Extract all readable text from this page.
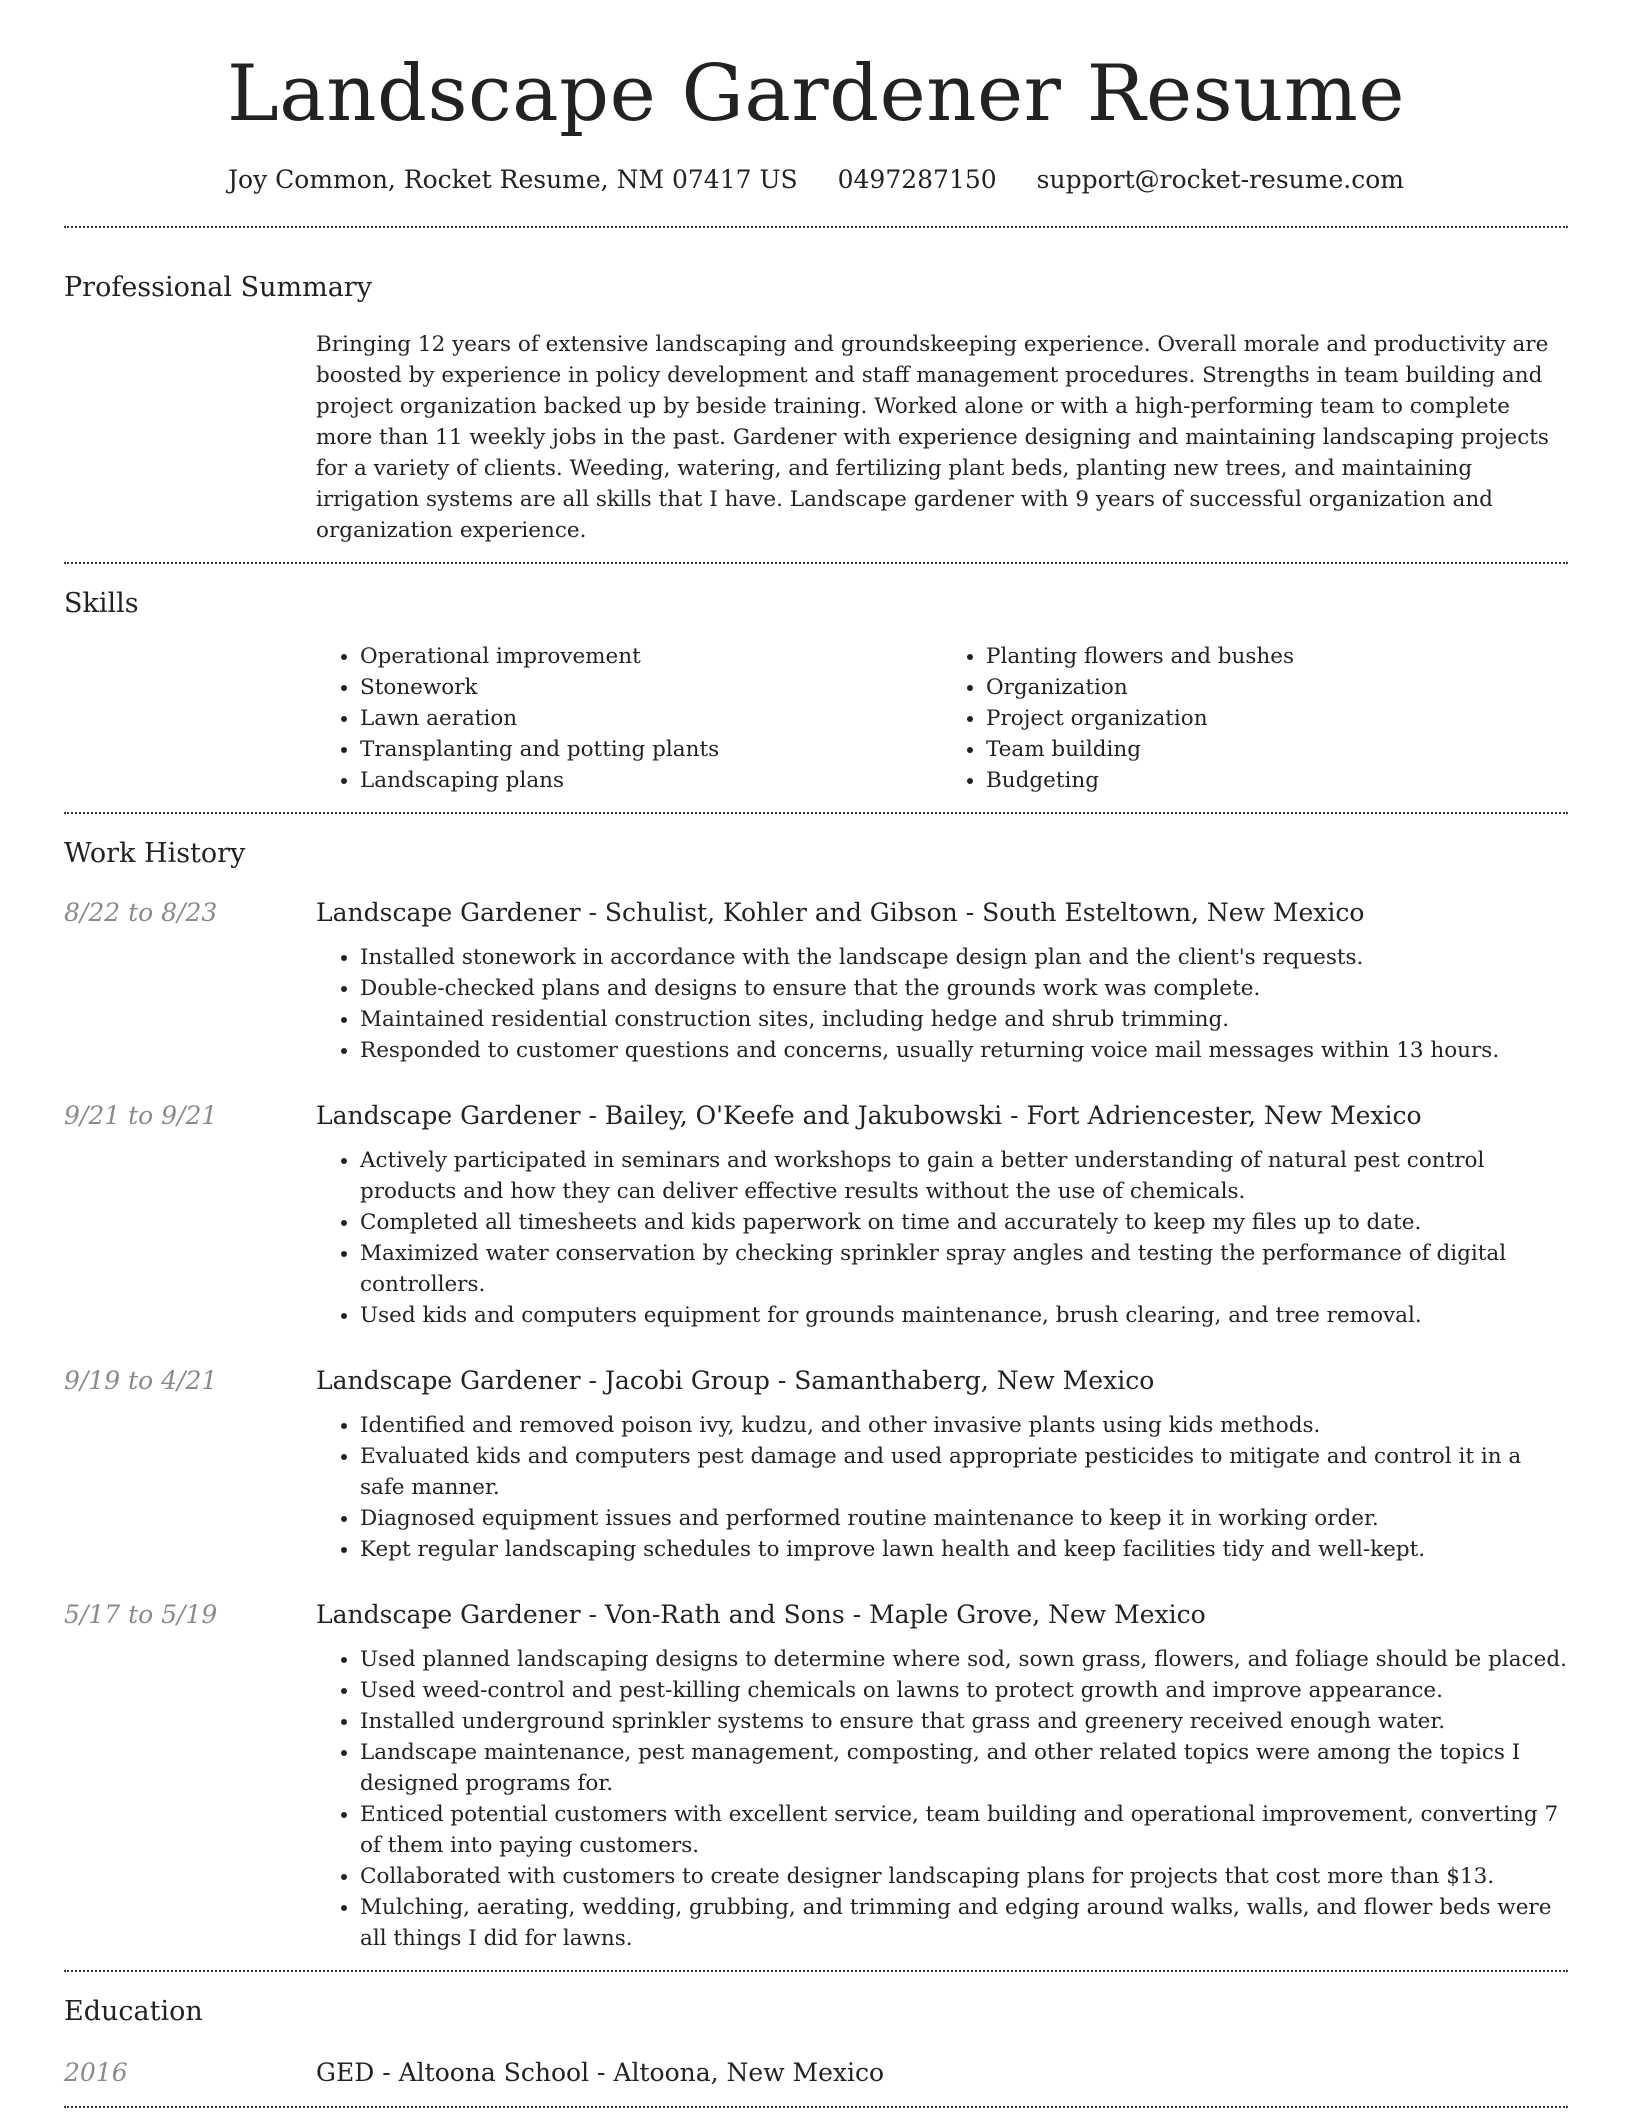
Landscape Gardener Resume
Joy Common, Rocket Resume, NM 07417 US 0497287150 support@rocket-resume.com
Professional Summary
Bringing 12 years of extensive landscaping and groundskeeping experience. Overall morale and productivity are boosted by experience in policy development and staff management procedures. Strengths in team building and project organization backed up by beside training. Worked alone or with a high-performing team to complete more than 11 weekly jobs in the past. Gardener with experience designing and maintaining landscaping projects for a variety of clients. Weeding, watering, and fertilizing plant beds, planting new trees, and maintaining irrigation systems are all skills that I have. Landscape gardener with 9 years of successful organization and organization experience.
Skills
• Operational improvement
• Stonework
• Lawn aeration
• Transplanting and potting plants
• Landscaping plans
• Planting flowers and bushes
• Organization
• Project organization
• Team building
• Budgeting
Work History
8/22 to 8/23	Landscape Gardener - Schulist, Kohler and Gibson - South Esteltown, New Mexico
• Installed stonework in accordance with the landscape design plan and the client's requests.
• Double-checked plans and designs to ensure that the grounds work was complete.
• Maintained residential construction sites, including hedge and shrub trimming.
• Responded to customer questions and concerns, usually returning voice mail messages within 13 hours.
9/21 to 9/21	Landscape Gardener - Bailey, O'Keefe and Jakubowski - Fort Adriencester, New Mexico
• Actively participated in seminars and workshops to gain a better understanding of natural pest control products and how they can deliver effective results without the use of chemicals.
• Completed all timesheets and kids paperwork on time and accurately to keep my files up to date.
• Maximized water conservation by checking sprinkler spray angles and testing the performance of digital controllers.
• Used kids and computers equipment for grounds maintenance, brush clearing, and tree removal.
9/19 to 4/21	Landscape Gardener - Jacobi Group - Samanthaberg, New Mexico
• Identified and removed poison ivy, kudzu, and other invasive plants using kids methods.
• Evaluated kids and computers pest damage and used appropriate pesticides to mitigate and control it in a safe manner.
• Diagnosed equipment issues and performed routine maintenance to keep it in working order.
• Kept regular landscaping schedules to improve lawn health and keep facilities tidy and well-kept.
5/17 to 5/19	Landscape Gardener - Von-Rath and Sons - Maple Grove, New Mexico
• Used planned landscaping designs to determine where sod, sown grass, flowers, and foliage should be placed.
• Used weed-control and pest-killing chemicals on lawns to protect growth and improve appearance.
• Installed underground sprinkler systems to ensure that grass and greenery received enough water.
• Landscape maintenance, pest management, composting, and other related topics were among the topics I designed programs for.
• Enticed potential customers with excellent service, team building and operational improvement, converting 7 of them into paying customers.
• Collaborated with customers to create designer landscaping plans for projects that cost more than $13.
• Mulching, aerating, wedding, grubbing, and trimming and edging around walks, walls, and flower beds were all things I did for lawns.
Education
2016	GED - Altoona School - Altoona, New Mexico
